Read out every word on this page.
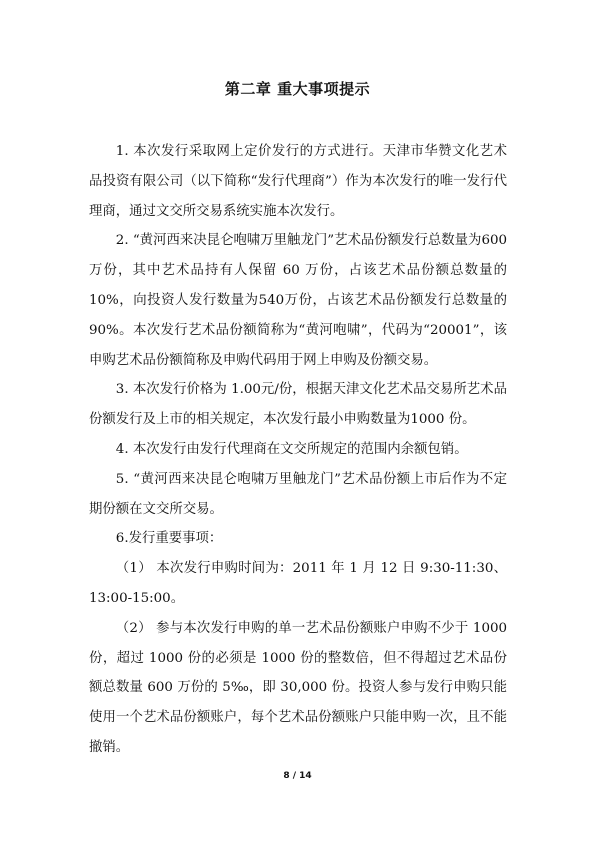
第二章 重大事项提示

1. 本次发行采取网上定价发行的方式进行。天津市华赞文化艺术品投资有限公司（以下简称“发行代理商”）作为本次发行的唯一发行代理商，通过文交所交易系统实施本次发行。

2. “黄河西来决昆仑咆啸万里触龙门”艺术品份额发行总数量为600万份，其中艺术品持有人保留 60 万份，占该艺术品份额总数量的 10%，向投资人发行数量为540万份，占该艺术品份额发行总数量的90%。本次发行艺术品份额简称为“黄河咆啸”，代码为“20001”，该申购艺术品份额简称及申购代码用于网上申购及份额交易。

3. 本次发行价格为 1.00元/份，根据天津文化艺术品交易所艺术品份额发行及上市的相关规定，本次发行最小申购数量为1000 份。

4. 本次发行由发行代理商在文交所规定的范围内余额包销。

5. “黄河西来决昆仑咆啸万里触龙门”艺术品份额上市后作为不定期份额在文交所交易。

6.发行重要事项：

（1） 本次发行申购时间为：2011 年 1 月 12 日 9:30-11:30、13:00-15:00。

（2） 参与本次发行申购的单一艺术品份额账户申购不少于 1000 份，超过 1000 份的必须是 1000 份的整数倍，但不得超过艺术品份额总数量 600 万份的 5‰，即 30,000 份。投资人参与发行申购只能使用一个艺术品份额账户，每个艺术品份额账户只能申购一次，且不能撤销。

8 / 14
